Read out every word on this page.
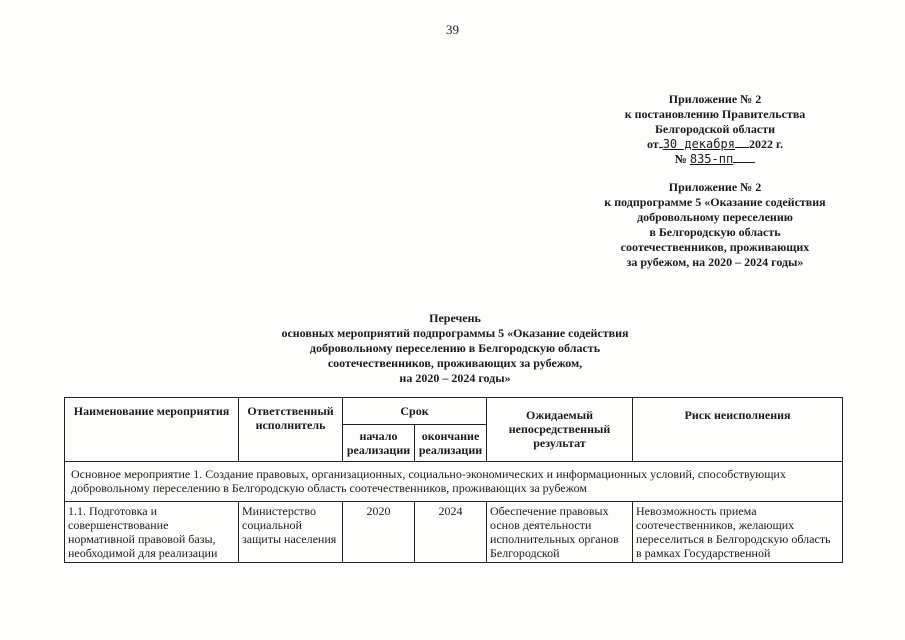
39
Приложение № 2
к постановлению Правительства
Белгородской области
от 30 декабря 2022 г.
№ 835-пп
Приложение № 2
к подпрограмме 5 «Оказание содействия
добровольному переселению
в Белгородскую область
соотечественников, проживающих
за рубежом, на 2020 – 2024 годы»
Перечень
основных мероприятий подпрограммы 5 «Оказание содействия
добровольному переселению в Белгородскую область
соотечественников, проживающих за рубежом,
на 2020 – 2024 годы»
Наименование мероприятия	Ответственный исполнитель	Срок		Ожидаемый непосредственный результат	Риск неисполнения
		начало реализации	окончание реализации		
Основное мероприятие 1. Создание правовых, организационных, социально-экономических и информационных условий, способствующих добровольному переселению в Белгородскую область соотечественников, проживающих за рубежом					

1.1. Подготовка и совершенствование нормативной правовой базы, необходимой для реализации	Министерство социальной защиты населения	2020	2024	Обеспечение правовых основ деятельности исполнительных органов Белгородской	Невозможность приема соотечественников, желающих переселиться в Белгородскую область в рамках Государственной
